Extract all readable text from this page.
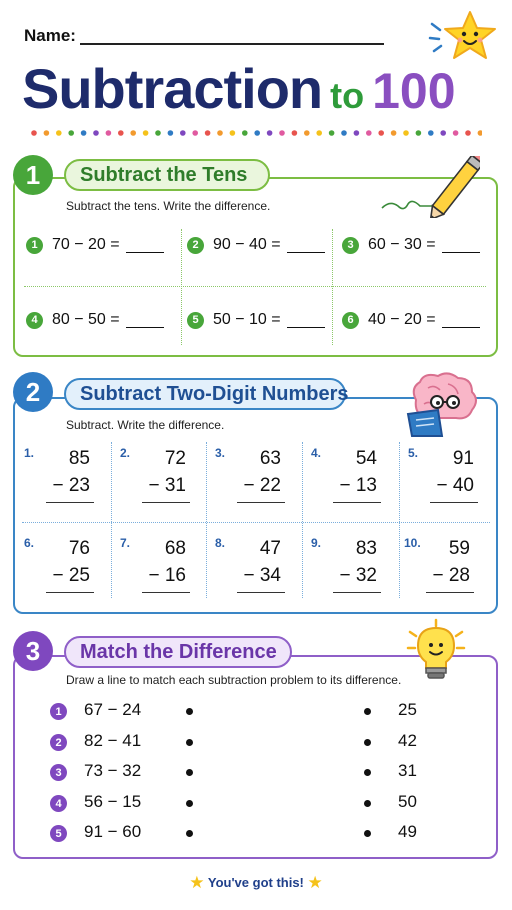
Name:
Subtraction to 100
1	Subtract the Tens
Subtract the tens. Write the difference.
1 70 − 20 =	2 90 − 40 =	3 60 − 30 =
4 80 − 50 =	5 50 − 10 =	6 40 − 20 =
2	Subtract Two-Digit Numbers
Subtract. Write the difference.
1. 85
− 23
2. 72
− 31
3. 63
− 22
4. 54
− 13
5. 91
− 40
6. 76
− 25
7. 68
− 16
8. 47
− 34
9. 83
− 32
10. 59
− 28
3	Match the Difference
Draw a line to match each subtraction problem to its difference.
1	67 − 24	25
2	82 − 41	42
3	73 − 32	31
4	56 − 15	50
5	91 − 60	49
★ You've got this! ★
